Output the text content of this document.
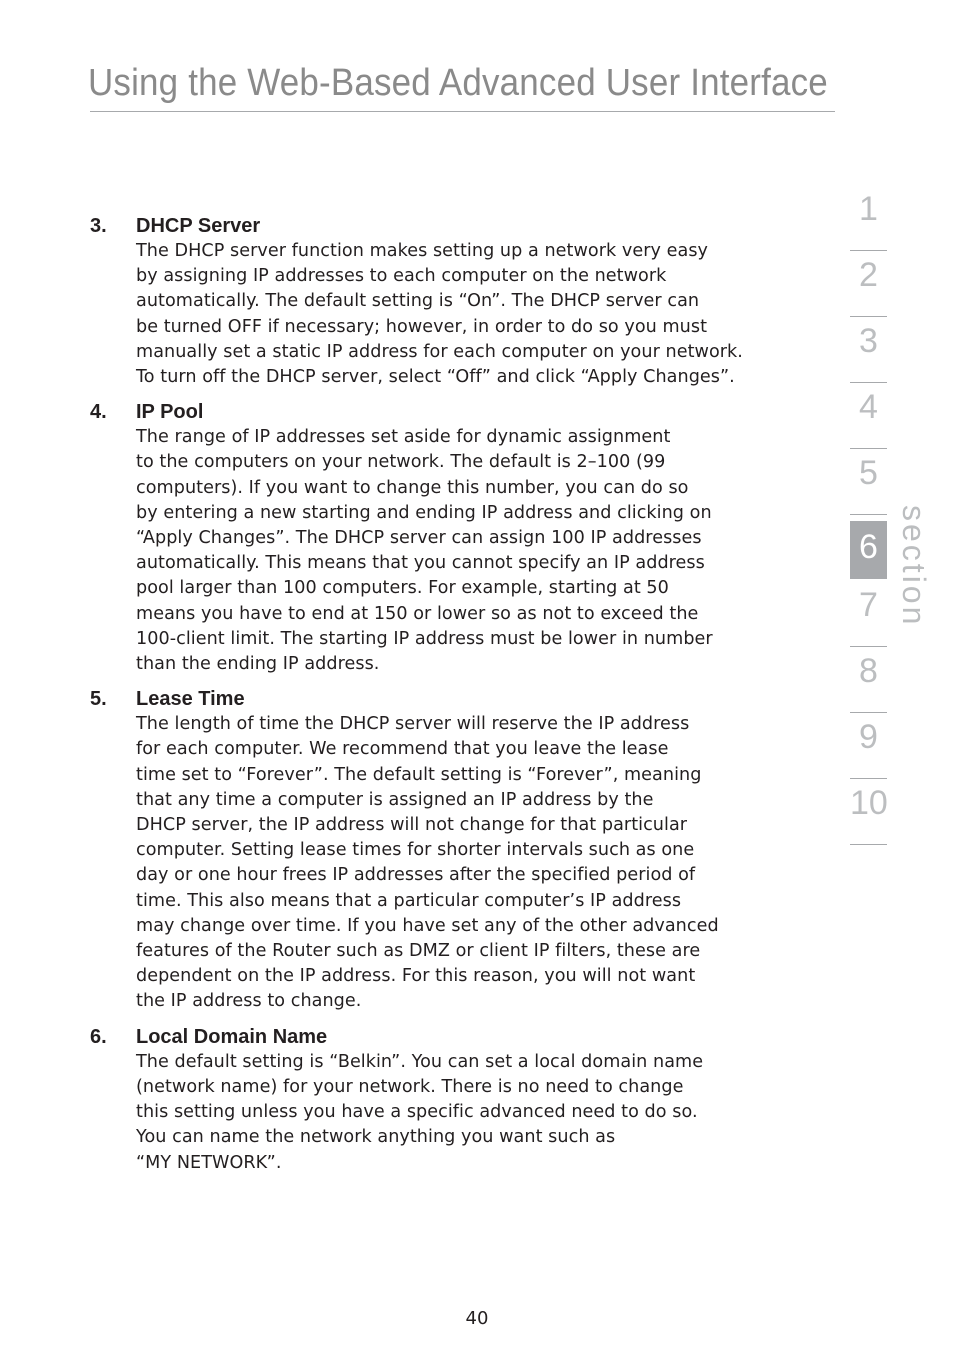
Using the Web-Based Advanced User Interface
3.	DHCP Server
The DHCP server function makes setting up a network very easy
by assigning IP addresses to each computer on the network
automatically. The default setting is “On”. The DHCP server can
be turned OFF if necessary; however, in order to do so you must
manually set a static IP address for each computer on your network.
To turn off the DHCP server, select “Off” and click “Apply Changes”.
4.	IP Pool
The range of IP addresses set aside for dynamic assignment
to the computers on your network. The default is 2–100 (99
computers). If you want to change this number, you can do so
by entering a new starting and ending IP address and clicking on
“Apply Changes”. The DHCP server can assign 100 IP addresses
automatically. This means that you cannot specify an IP address
pool larger than 100 computers. For example, starting at 50
means you have to end at 150 or lower so as not to exceed the
100-client limit. The starting IP address must be lower in number
than the ending IP address.
5.	Lease Time
The length of time the DHCP server will reserve the IP address
for each computer. We recommend that you leave the lease
time set to “Forever”. The default setting is “Forever”, meaning
that any time a computer is assigned an IP address by the
DHCP server, the IP address will not change for that particular
computer. Setting lease times for shorter intervals such as one
day or one hour frees IP addresses after the specified period of
time. This also means that a particular computer’s IP address
may change over time. If you have set any of the other advanced
features of the Router such as DMZ or client IP filters, these are
dependent on the IP address. For this reason, you will not want
the IP address to change.
6.	Local Domain Name
The default setting is “Belkin”. You can set a local domain name
(network name) for your network. There is no need to change
this setting unless you have a specific advanced need to do so.
You can name the network anything you want such as
“MY NETWORK”.
1
2
3
4
5
6
7
8
9
10
section
40
